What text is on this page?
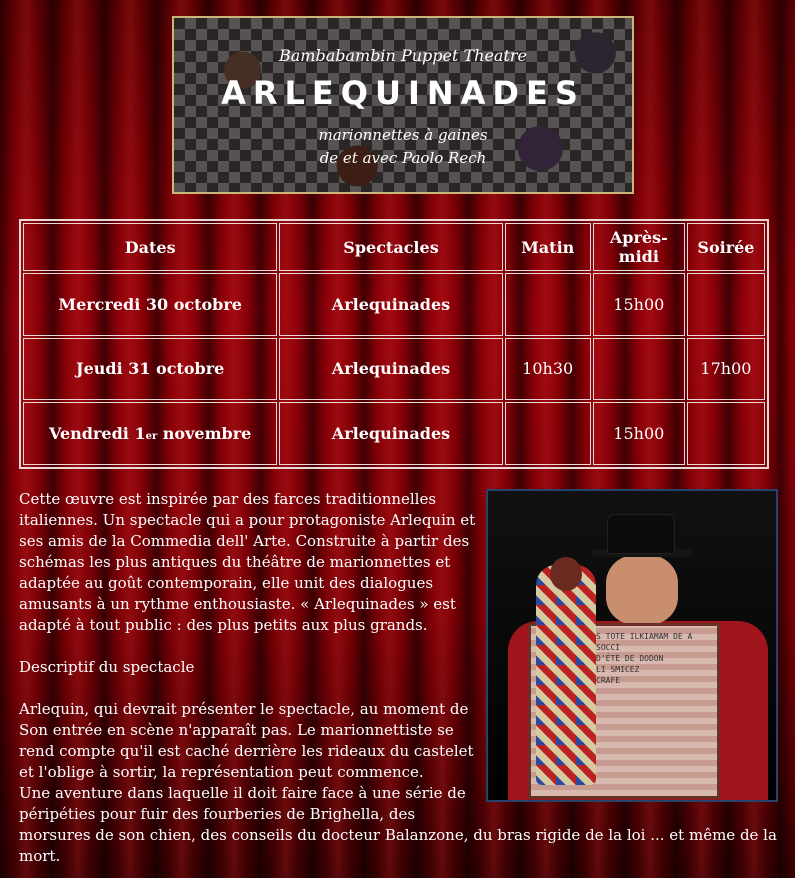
Bambabambin Puppet Theatre
ARLEQUINADES
marionnettes à gaines
de et avec Paolo Rech
Dates	Spectacles	Matin	Après-midi	Soirée
Mercredi 30 octobre	Arlequinades		15h00	
Jeudi 31 octobre	Arlequinades	10h30		17h00
Vendredi 1er novembre	Arlequinades		15h00	
S TOTE ILKIAMAM DE A
SOCCI
D'ÉTÉ DE DODON
LI SMICEZ
CRAFE

Cette œuvre est inspirée par des farces traditionnelles italiennes. Un spectacle qui a pour protagoniste Arlequin et ses amis de la Commedia dell' Arte. Construite à partir des schémas les plus antiques du théâtre de marionnettes et adaptée au goût contemporain, elle unit des dialogues amusants à un rythme enthousiaste. « Arlequinades » est adapté à tout public : des plus petits aux plus grands.

Descriptif du spectacle

Arlequin, qui devrait présenter le spectacle, au moment de Son entrée en scène n'apparaît pas. Le marionnettiste se rend compte qu'il est caché derrière les rideaux du castelet et l'oblige à sortir, la représentation peut commence.

Une aventure dans laquelle il doit faire face à une série de péripéties pour fuir des fourberies de Brighella, des morsures de son chien, des conseils du docteur Balanzone, du bras rigide de la loi ... et même de la mort.
